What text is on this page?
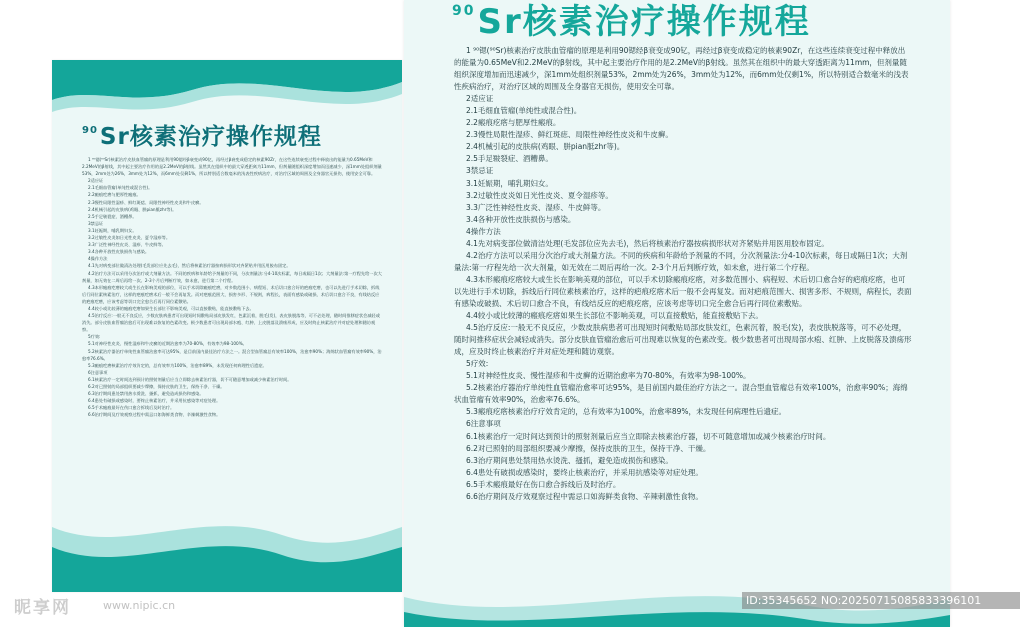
$^{90}$Sr核素治疗操作规程

1 ⁹⁰锶(⁹⁰Sr)核素治疗皮肤血管瘤的原理是利用90锶经β衰变成90钇，再经过β衰变成稳定的核素90Zr，在这些连续衰变过程中释放出的能量为0.65MeV和2.2MeV的β射线，其中起主要治疗作用的是2.2MeV的β射线。虽然其在组织中的最大穿透距离为11mm，但剂量随组织深度增加而迅速减少，深1mm处组织剂量53%，2mm处为26%，3mm处为12%，而6mm处仅剩1%，所以特别适合数毫米的浅表性疾病治疗，对治疗区域的周围及全身器官无损伤，使用安全可靠。

2适应证

2.1毛细血管瘤(单纯性或混合性)。

2.2瘢痕疙瘩与肥厚性瘢痕。

2.3慢性局限性湿疹、鲜红斑痣、局限性神经性皮炎和牛皮癣。

2.4机械引起的皮肤病(鸡眼、胼pian胝zhr等)。

2.5手足皲裂症、酒糟鼻。

3禁忌证

3.1妊娠期，哺乳期妇女。

3.2过敏性皮炎如日光性皮炎、夏令湿疹等。

3.3广泛性神经性皮炎、湿疹、牛皮鲜等。

3.4各种开放性皮肤损伤与感染。

4操作方法

4.1先对病变部位做清洁处理(毛发部位应先去毛)，然后将核素治疗器按病损形状对齐紧贴并用医用胶布固定。

4.2治疗方法可以采用分次治疗或大剂量方法。不同的疾病和年龄给予剂量的不同，分次剂量法:分4-10次标素，每日或隔日1次；大剂量法:第一疗程先给一次大剂量，如无效在二周后再给一次。2-3个月后判断疗效，如未愈，进行第二个疗程。

4.3本形瘢痕疙瘩较大或生长在影响美观的部位，可以手术切除瘢痕疙瘩，对多数范围小、病程短、术后切口愈合好的疤痕疙瘩，也可以先进行手术切除，拆线后行同位素核素治疗，这样的疤痕疙瘩术后一般不会再复发。而对疤痕范围大、损害多形、不规则，病程长，表面有感染或破损、术后切口愈合不良，有线结反应的疤痕疙瘩，应该考虑等切口完全愈合后再行同位素敷贴。

4.4较小或比较薄的瘢痕疙瘩如果生长部位不影响美观，可以直接敷贴，能直接敷贴下去。

4.5治疗反应:一般无不良反应，少数皮肤病患者可出现短时间敷贴局部皮肤发红，色素沉着，脱毛(发)，表皮肤脱落等，可不必处理，随时间推移症状会减轻或消失。部分皮肤血管瘤治愈后可出现难以恢复的色素改变。极少数患者可出现局部水疱、红肿、上皮脱落及溃疡形成，应及时终止核素治疗并对症处理和随访观察。

5疗效:

5.1对神经性皮炎、慢性湿疹和牛皮癣的近期治愈率为70-80%，有效率为98-100%。

5.2核素治疗器治疗单纯性血管瘤治愈率可达95%，是目前国内最佳治疗方法之一。混合型血管瘤总有效率100%，治愈率90%；海绵状血管瘤有效率90%，治愈率76.6%。

5.3瘢痕疙瘩核素治疗疗效肯定的，总有效率为100%，治愈率89%，未发现任何病理性后遗症。

6注意事项

6.1核素治疗一定时间达到预计的照射剂量后应当立即除去核素治疗器，切不可随意增加或减少核素治疗时间。

6.2对已照射的局部组织要减少摩擦，保持皮肤的卫生，保持干净、干燥。

6.3治疗期间患处禁用热水烫洗、搔抓，避免造成损伤和感染。

6.4患处有破损或感染时，要终止核素治疗，并采用抗感染等对症处理。

6.5手术瘢痕最好在伤口愈合拆线后及时治疗。

6.6治疗期间及疗效观察过程中需忌口如海鲜类食物、辛辣刺激性食物。

$^{90}$Sr核素治疗操作规程

1 ⁹⁰锶(⁹⁰Sr)核素治疗皮肤血管瘤的原理是利用90锶经β衰变成90钇，再经过β衰变成稳定的核素90Zr，在这些连续衰变过程中释放出的能量为0.65MeV和2.2MeV的β射线，其中起主要治疗作用的是2.2MeV的β射线。虽然其在组织中的最大穿透距离为11mm，但剂量随组织深度增加而迅速减少，深1mm处组织剂量53%，2mm处为26%，3mm处为12%，而6mm处仅剩1%，所以特别适合数毫米的浅表性疾病治疗，对治疗区域的周围及全身器官无损伤，使用安全可靠。

2适应证

2.1毛细血管瘤(单纯性或混合性)。

2.2瘢痕疙瘩与肥厚性瘢痕。

2.3慢性局限性湿疹、鲜红斑痣、局限性神经性皮炎和牛皮癣。

2.4机械引起的皮肤病(鸡眼、胼pian胝zhr等)。

2.5手足皲裂症、酒糟鼻。

3禁忌证

3.1妊娠期，哺乳期妇女。

3.2过敏性皮炎如日光性皮炎、夏令湿疹等。

3.3广泛性神经性皮炎、湿疹、牛皮鲜等。

3.4各种开放性皮肤损伤与感染。

4操作方法

4.1先对病变部位做清洁处理(毛发部位应先去毛)，然后将核素治疗器按病损形状对齐紧贴并用医用胶布固定。

4.2治疗方法可以采用分次治疗或大剂量方法。不同的疾病和年龄给予剂量的不同，分次剂量法:分4-10次标素，每日或隔日1次；大剂量法:第一疗程先给一次大剂量，如无效在二周后再给一次。2-3个月后判断疗效，如未愈，进行第二个疗程。

4.3本形瘢痕疙瘩较大或生长在影响美观的部位，可以手术切除瘢痕疙瘩，对多数范围小、病程短、术后切口愈合好的疤痕疙瘩，也可以先进行手术切除，拆线后行同位素核素治疗，这样的疤痕疙瘩术后一般不会再复发。而对疤痕范围大、损害多形、不规则，病程长，表面有感染或破损、术后切口愈合不良，有线结反应的疤痕疙瘩，应该考虑等切口完全愈合后再行同位素敷贴。

4.4较小或比较薄的瘢痕疙瘩如果生长部位不影响美观，可以直接敷贴，能直接敷贴下去。

4.5治疗反应:一般无不良反应，少数皮肤病患者可出现短时间敷贴局部皮肤发红，色素沉着，脱毛(发)，表皮肤脱落等，可不必处理，随时间推移症状会减轻或消失。部分皮肤血管瘤治愈后可出现难以恢复的色素改变。极少数患者可出现局部水疱、红肿、上皮脱落及溃疡形成，应及时终止核素治疗并对症处理和随访观察。

5疗效:

5.1对神经性皮炎、慢性湿疹和牛皮癣的近期治愈率为70-80%，有效率为98-100%。

5.2核素治疗器治疗单纯性血管瘤治愈率可达95%，是目前国内最佳治疗方法之一。混合型血管瘤总有效率100%，治愈率90%；海绵状血管瘤有效率90%，治愈率76.6%。

5.3瘢痕疙瘩核素治疗疗效肯定的，总有效率为100%，治愈率89%，未发现任何病理性后遗症。

6注意事项

6.1核素治疗一定时间达到预计的照射剂量后应当立即除去核素治疗器，切不可随意增加或减少核素治疗时间。

6.2对已照射的局部组织要减少摩擦，保持皮肤的卫生，保持干净、干燥。

6.3治疗期间患处禁用热水烫洗、搔抓，避免造成损伤和感染。

6.4患处有破损或感染时，要终止核素治疗，并采用抗感染等对症处理。

6.5手术瘢痕最好在伤口愈合拆线后及时治疗。

6.6治疗期间及疗效观察过程中需忌口如海鲜类食物、辛辣刺激性食物。

昵享网	www.nipic.cn	ID:35345652 NO:20250715085833396101
